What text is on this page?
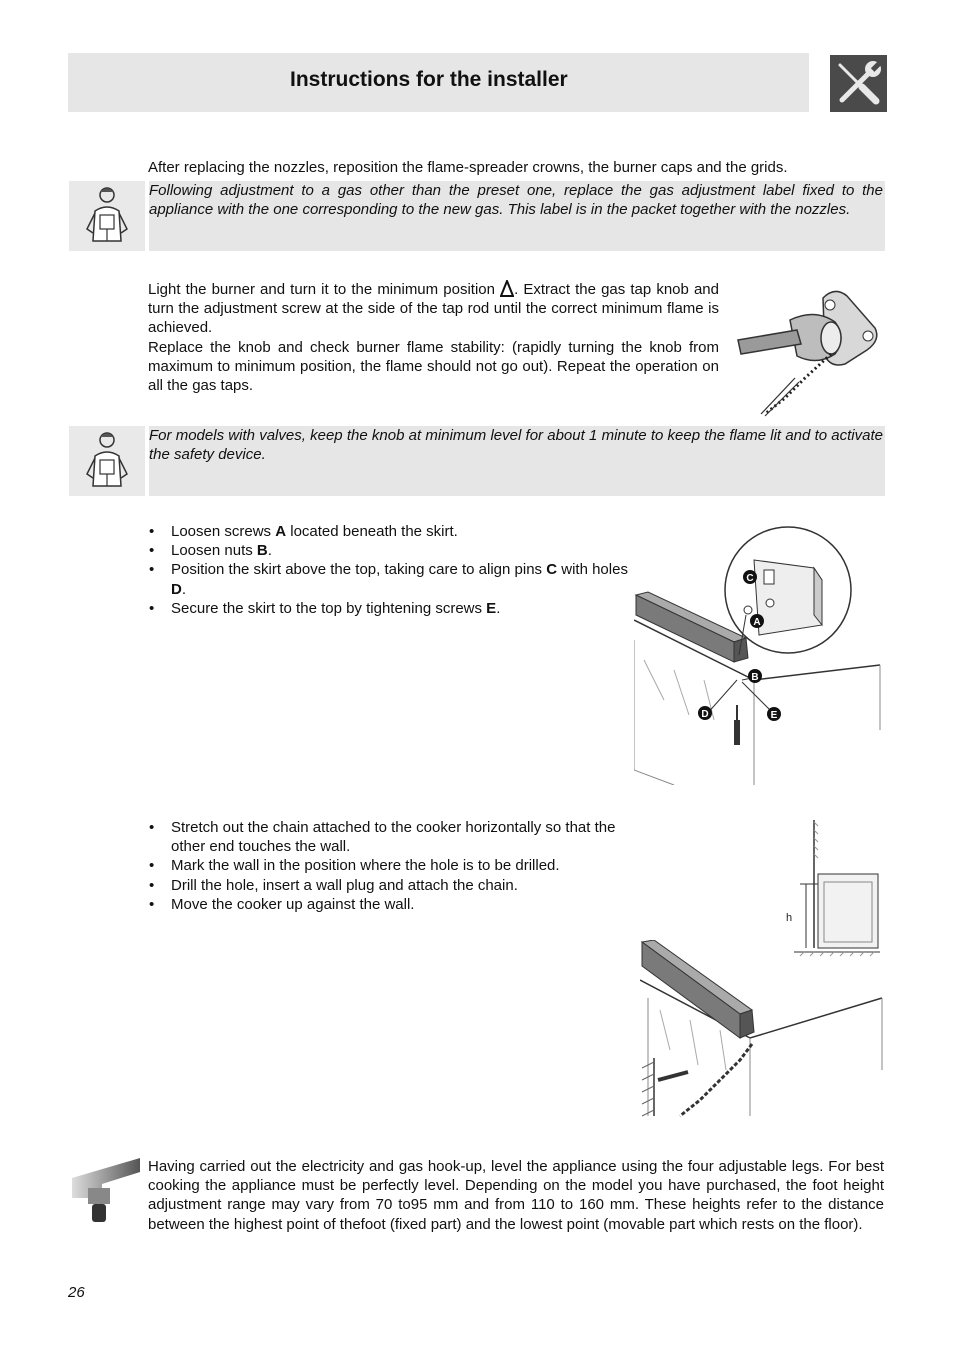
Instructions for the installer

After replacing the nozzles, reposition the flame-spreader crowns, the burner caps and the grids.

Following adjustment to a gas other than the preset one, replace the gas adjustment label fixed to the appliance with the one corresponding to the new gas. This label is in the packet together with the nozzles.
Light the burner and turn it to the minimum position . Extract the gas tap knob and turn the adjustment screw at the side of the tap rod until the correct minimum flame is achieved.
Replace the knob and check burner flame stability: (rapidly turning the knob from maximum to minimum position, the flame should not go out). Repeat the operation on all the gas taps.
For models with valves, keep the knob at minimum level for about 1 minute to keep the flame lit and to activate the safety device.
• Loosen screws A located beneath the skirt.
• Loosen nuts B.
• Position the skirt above the top, taking care to align pins C with holes D.
• Secure the skirt to the top by tightening screws E.
C
A
B
D	E
• Stretch out the chain attached to the cooker horizontally so that the other end touches the wall.
• Mark the wall in the position where the hole is to be drilled.
• Drill the hole, insert a wall plug and attach the chain.
• Move the cooker up against the wall.
h

Having carried out the electricity and gas hook-up, level the appliance using the four adjustable legs. For best cooking the appliance must be perfectly level. Depending on the model you have purchased, the foot height adjustment range may vary from 70 to95 mm and from 110 to 160 mm. These heights refer to the distance between the highest point of thefoot (fixed part) and the lowest point (movable part which rests on the floor).

26
